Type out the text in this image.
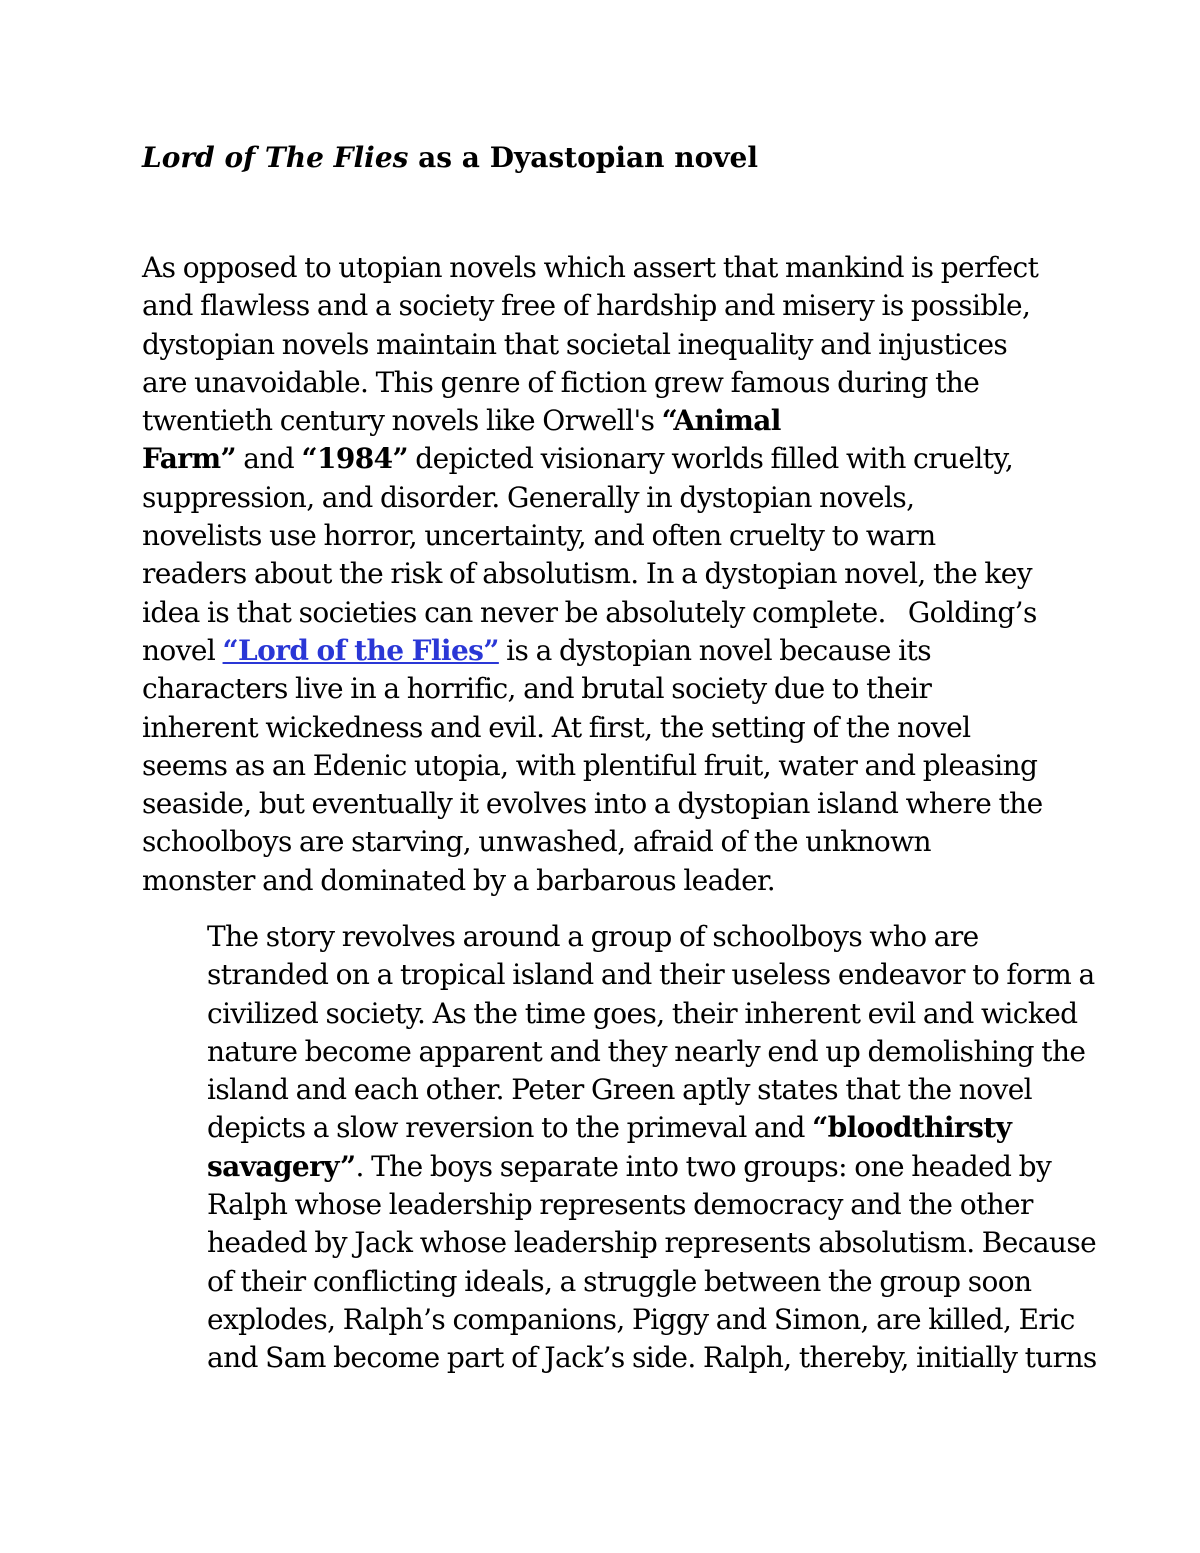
Lord of The Flies as a Dyastopian novel

As opposed to utopian novels which assert that mankind is perfect
and flawless and a society free of hardship and misery is possible,
dystopian novels maintain that societal inequality and injustices
are unavoidable. This genre of fiction grew famous during the
twentieth century novels like Orwell's “Animal
Farm” and “1984” depicted visionary worlds filled with cruelty,
suppression, and disorder. Generally in dystopian novels,
novelists use horror, uncertainty, and often cruelty to warn
readers about the risk of absolutism. In a dystopian novel, the key
idea is that societies can never be absolutely complete. Golding’s
novel “Lord of the Flies” is a dystopian novel because its
characters live in a horrific, and brutal society due to their
inherent wickedness and evil. At first, the setting of the novel
seems as an Edenic utopia, with plentiful fruit, water and pleasing
seaside, but eventually it evolves into a dystopian island where the
schoolboys are starving, unwashed, afraid of the unknown
monster and dominated by a barbarous leader.

The story revolves around a group of schoolboys who are
stranded on a tropical island and their useless endeavor to form a
civilized society. As the time goes, their inherent evil and wicked
nature become apparent and they nearly end up demolishing the
island and each other. Peter Green aptly states that the novel
depicts a slow reversion to the primeval and “bloodthirsty
savagery”. The boys separate into two groups: one headed by
Ralph whose leadership represents democracy and the other
headed by Jack whose leadership represents absolutism. Because
of their conflicting ideals, a struggle between the group soon
explodes, Ralph’s companions, Piggy and Simon, are killed, Eric
and Sam become part of Jack’s side. Ralph, thereby, initially turns
